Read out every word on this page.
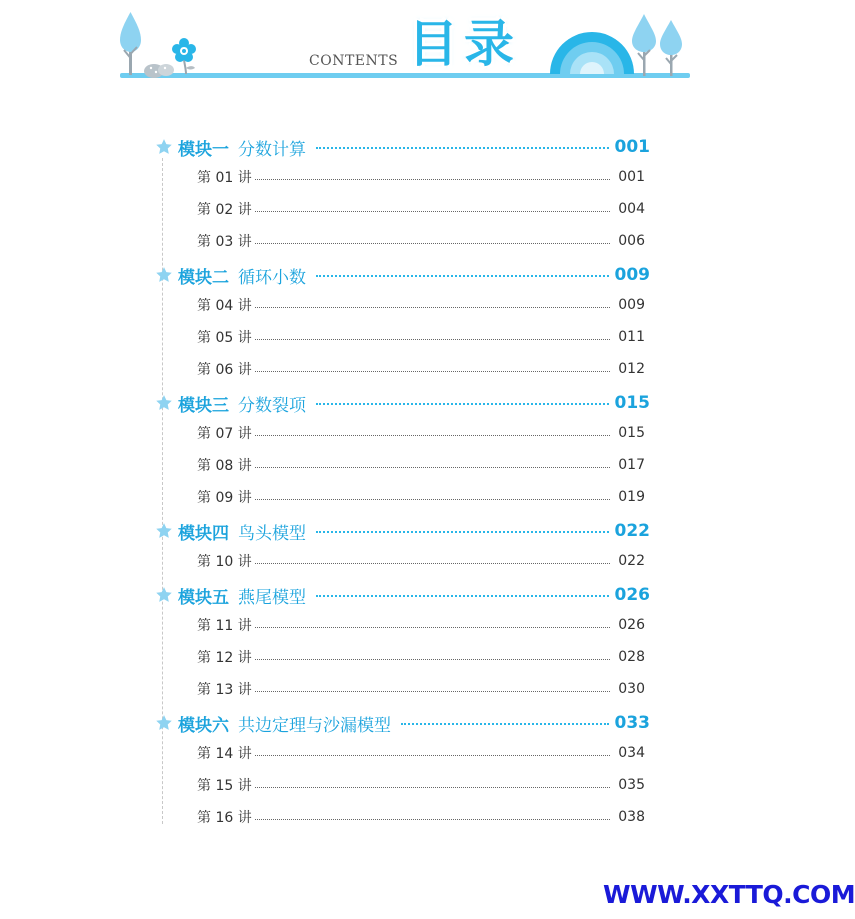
CONTENTS 目录
模块一 分数计算	001
第 01 讲	001
第 02 讲	004
第 03 讲	006
模块二 循环小数	009
第 04 讲	009
第 05 讲	011
第 06 讲	012
模块三 分数裂项	015
第 07 讲	015
第 08 讲	017
第 09 讲	019
模块四 鸟头模型	022
第 10 讲	022
模块五 燕尾模型	026
第 11 讲	026
第 12 讲	028
第 13 讲	030
模块六 共边定理与沙漏模型	033
第 14 讲	034
第 15 讲	035
第 16 讲	038
WWW.XXTTQ.COM
